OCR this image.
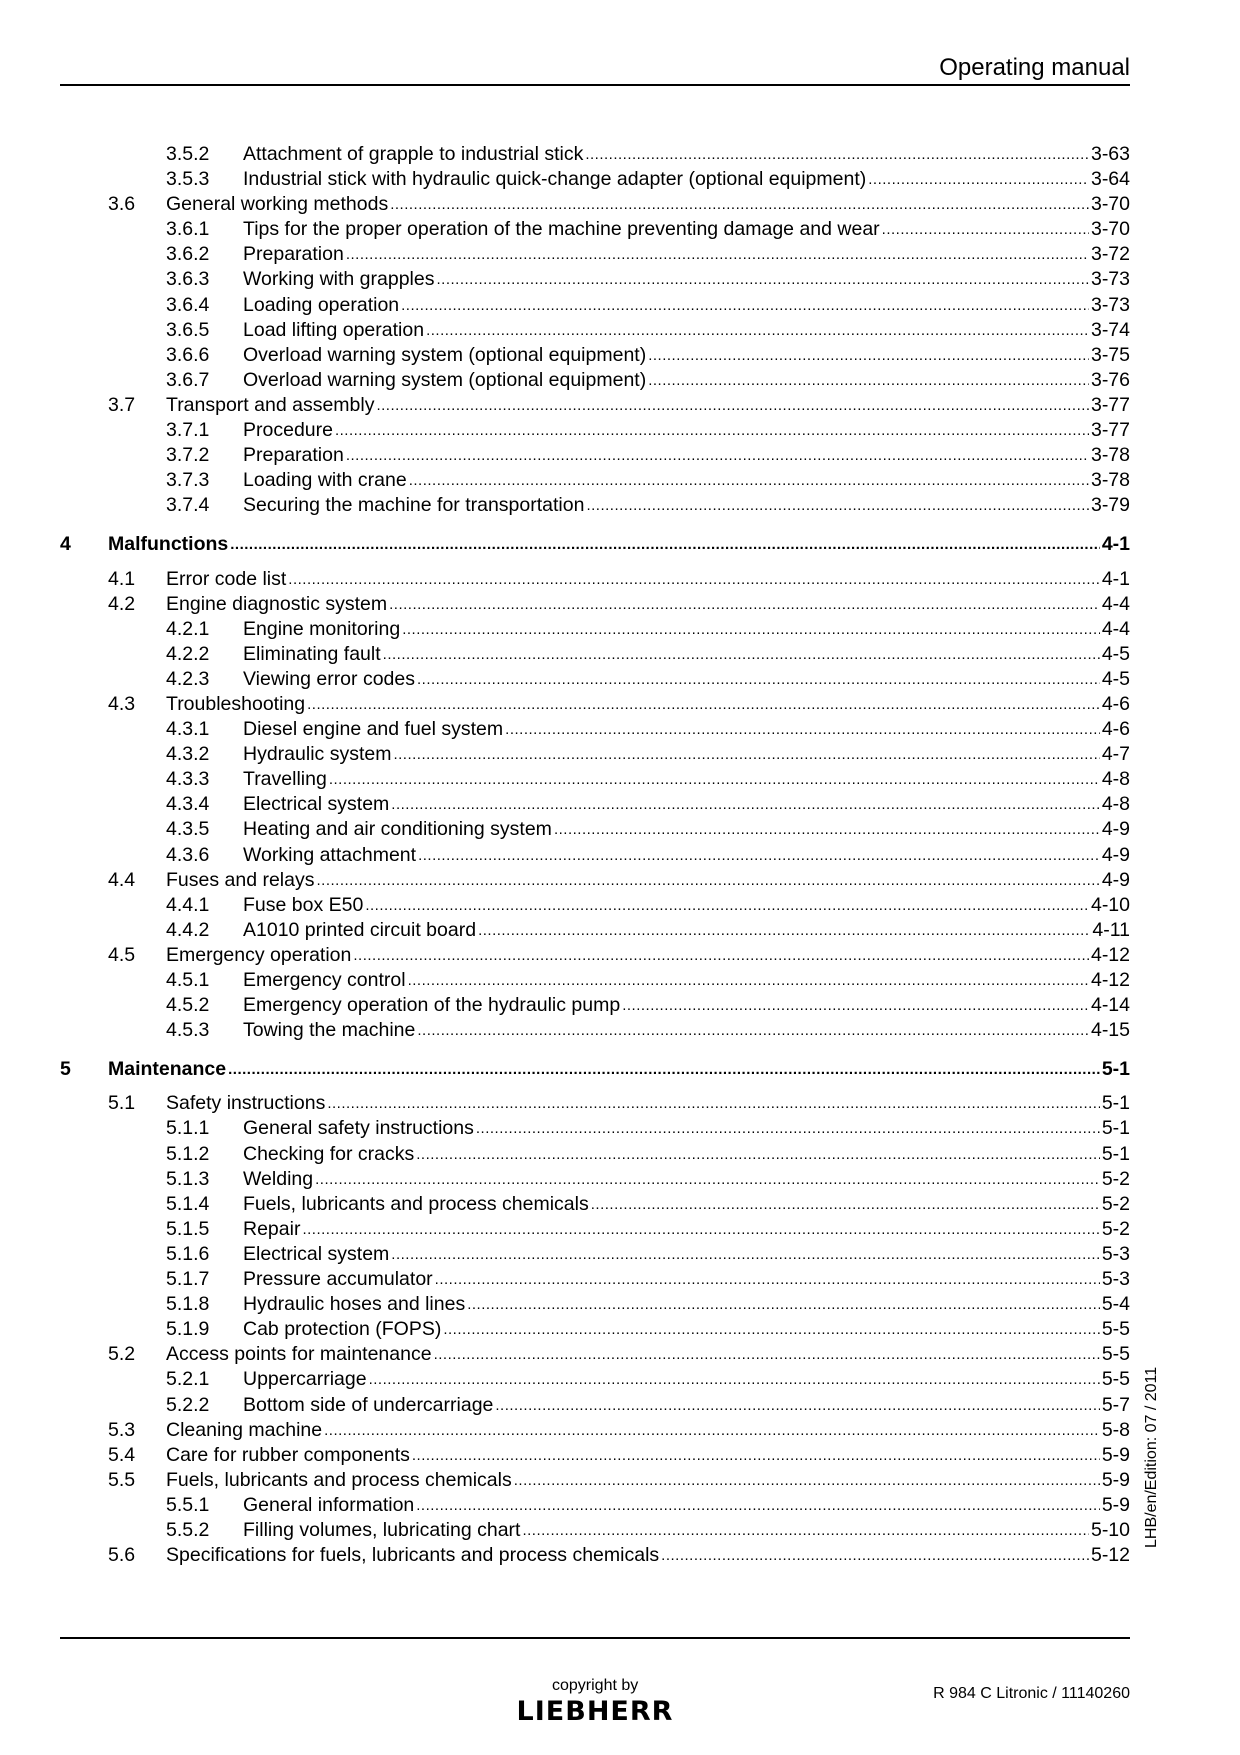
Operating manual
3.5.2 Attachment of grapple to industrial stick .....	3-63
3.5.3 Industrial stick with hydraulic quick-change adapter (optional equipment) .....	3-64
3.6 General working methods .....	3-70
3.6.1 Tips for the proper operation of the machine preventing damage and wear .....	3-70
3.6.2 Preparation .....	3-72
3.6.3 Working with grapples .....	3-73
3.6.4 Loading operation .....	3-73
3.6.5 Load lifting operation .....	3-74
3.6.6 Overload warning system (optional equipment) .....	3-75
3.6.7 Overload warning system (optional equipment) .....	3-76
3.7 Transport and assembly .....	3-77
3.7.1 Procedure .....	3-77
3.7.2 Preparation .....	3-78
3.7.3 Loading with crane .....	3-78
3.7.4 Securing the machine for transportation .....	3-79
4 Malfunctions .....	4-1
4.1 Error code list .....	4-1
4.2 Engine diagnostic system .....	4-4
4.2.1 Engine monitoring .....	4-4
4.2.2 Eliminating fault .....	4-5
4.2.3 Viewing error codes .....	4-5
4.3 Troubleshooting .....	4-6
4.3.1 Diesel engine and fuel system .....	4-6
4.3.2 Hydraulic system .....	4-7
4.3.3 Travelling .....	4-8
4.3.4 Electrical system .....	4-8
4.3.5 Heating and air conditioning system .....	4-9
4.3.6 Working attachment .....	4-9
4.4 Fuses and relays .....	4-9
4.4.1 Fuse box E50 .....	4-10
4.4.2 A1010 printed circuit board .....	4-11
4.5 Emergency operation .....	4-12
4.5.1 Emergency control .....	4-12
4.5.2 Emergency operation of the hydraulic pump .....	4-14
4.5.3 Towing the machine .....	4-15
5 Maintenance .....	5-1
5.1 Safety instructions .....	5-1
5.1.1 General safety instructions .....	5-1
5.1.2 Checking for cracks .....	5-1
5.1.3 Welding .....	5-2
5.1.4 Fuels, lubricants and process chemicals .....	5-2
5.1.5 Repair .....	5-2
5.1.6 Electrical system .....	5-3
5.1.7 Pressure accumulator .....	5-3
5.1.8 Hydraulic hoses and lines .....	5-4
5.1.9 Cab protection (FOPS) .....	5-5
5.2 Access points for maintenance .....	5-5
5.2.1 Uppercarriage .....	5-5
5.2.2 Bottom side of undercarriage .....	5-7
5.3 Cleaning machine .....	5-8
5.4 Care for rubber components .....	5-9
5.5 Fuels, lubricants and process chemicals .....	5-9
5.5.1 General information .....	5-9
5.5.2 Filling volumes, lubricating chart .....	5-10
5.6 Specifications for fuels, lubricants and process chemicals .....	5-12
LHB/en/Edition: 07 / 2011
copyright by
LIEBHERR
R 984 C Litronic / 11140260
